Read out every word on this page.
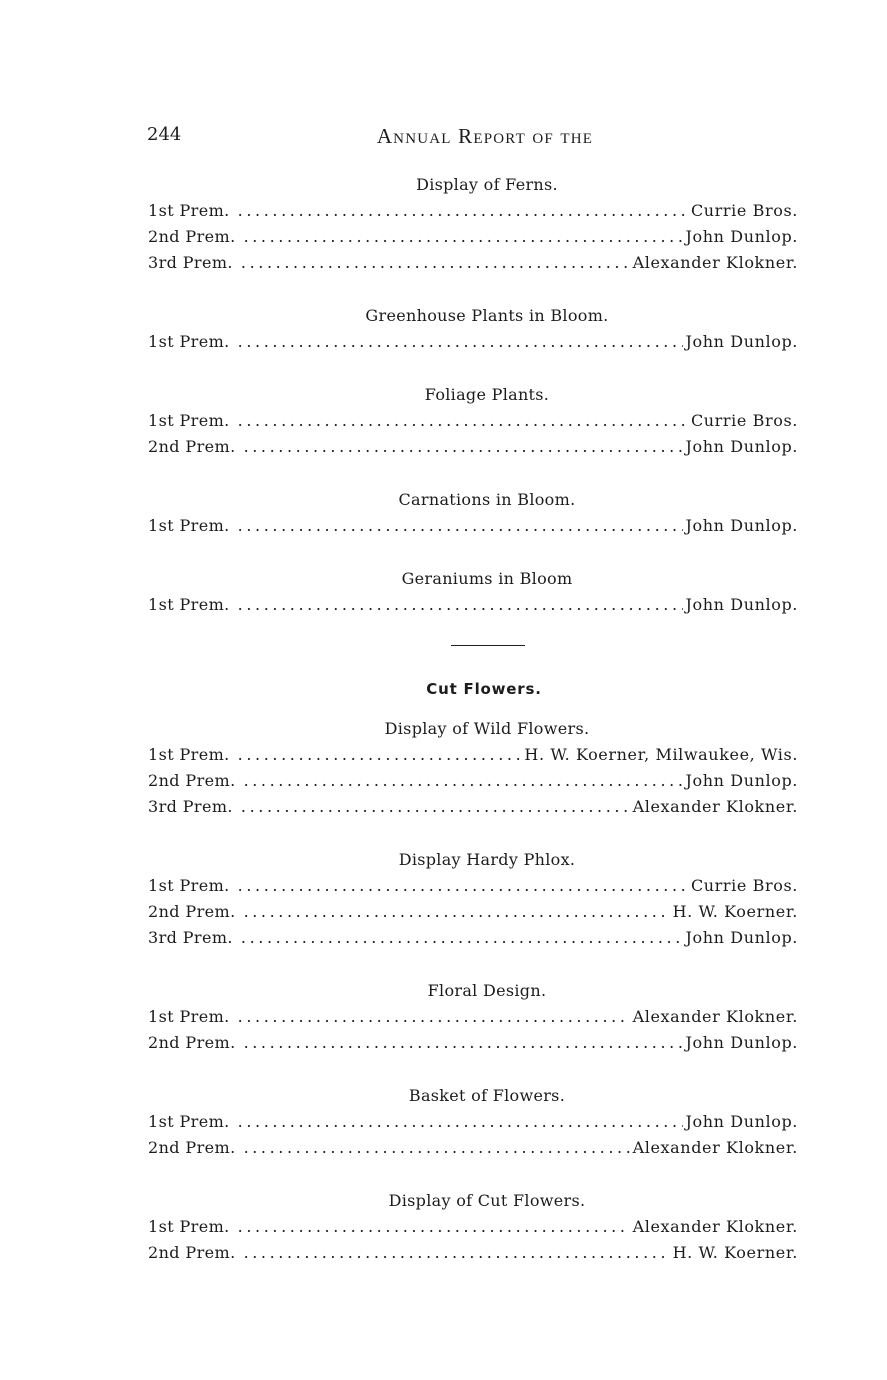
244	Annual Report of the
Display of Ferns.
1st Prem. .....	Currie Bros.
2nd Prem. .....	John Dunlop.
3rd Prem. .....	Alexander Klokner.
Greenhouse Plants in Bloom.
1st Prem. .....	John Dunlop.
Foliage Plants.
1st Prem. .....	Currie Bros.
2nd Prem. .....	John Dunlop.
Carnations in Bloom.
1st Prem. .....	John Dunlop.
Geraniums in Bloom
1st Prem. .....	John Dunlop.
Cut Flowers.
Display of Wild Flowers.
1st Prem. .....	H. W. Koerner, Milwaukee, Wis.
2nd Prem. .....	John Dunlop.
3rd Prem. .....	Alexander Klokner.
Display Hardy Phlox.
1st Prem. .....	Currie Bros.
2nd Prem. .....	H. W. Koerner.
3rd Prem. .....	John Dunlop.
Floral Design.
1st Prem. .....	Alexander Klokner.
2nd Prem. .....	John Dunlop.
Basket of Flowers.
1st Prem. .....	John Dunlop.
2nd Prem. .....	Alexander Klokner.
Display of Cut Flowers.
1st Prem. .....	Alexander Klokner.
2nd Prem. .....	H. W. Koerner.
